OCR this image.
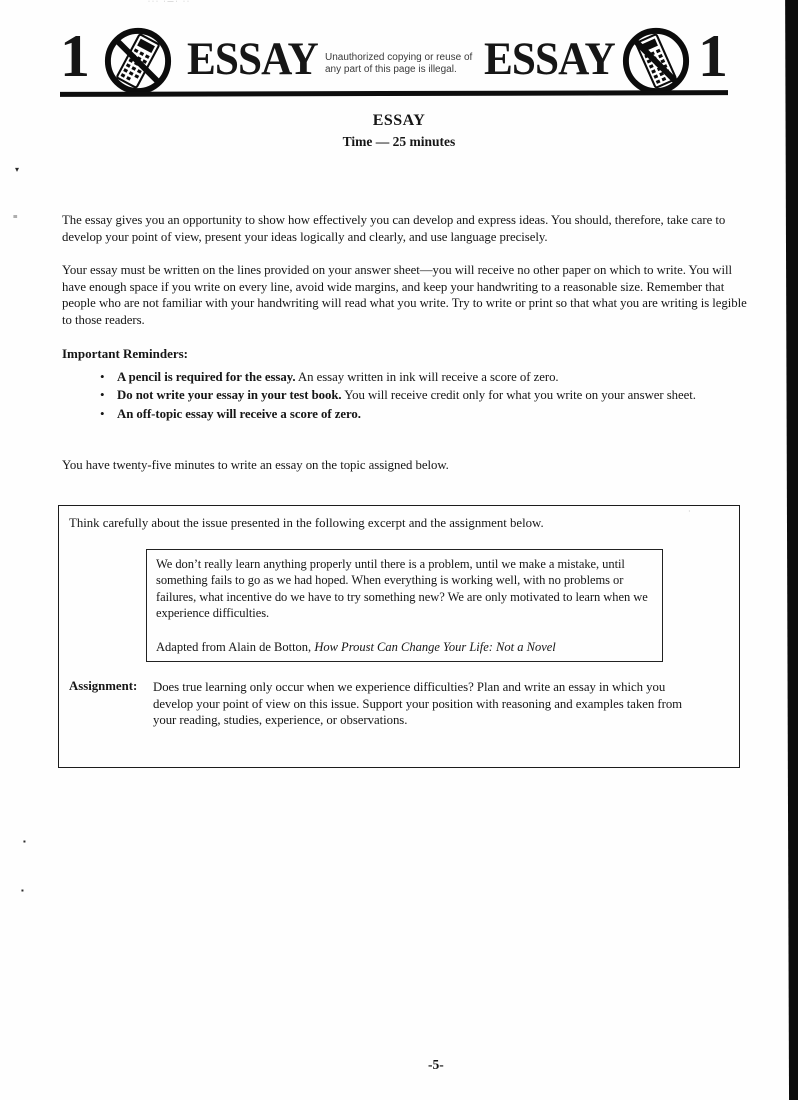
··· ·—· ··
▾
≡
▪
▪
·
1 ESSAY Unauthorized copying or reuse of any part of this page is illegal. ESSAY 1
ESSAY
Time — 25 minutes
The essay gives you an opportunity to show how effectively you can develop and express ideas. You should, therefore, take care to develop your point of view, present your ideas logically and clearly, and use language precisely.
Your essay must be written on the lines provided on your answer sheet—you will receive no other paper on which to write. You will have enough space if you write on every line, avoid wide margins, and keep your handwriting to a reasonable size. Remember that people who are not familiar with your handwriting will read what you write. Try to write or print so that what you are writing is legible to those readers.
Important Reminders:
• A pencil is required for the essay. An essay written in ink will receive a score of zero.
• Do not write your essay in your test book. You will receive credit only for what you write on your answer sheet.
• An off-topic essay will receive a score of zero.
You have twenty-five minutes to write an essay on the topic assigned below.
Think carefully about the issue presented in the following excerpt and the assignment below.
We don’t really learn anything properly until there is a problem, until we make a mistake, until something fails to go as we had hoped. When everything is working well, with no problems or failures, what incentive do we have to try something new? We are only motivated to learn when we experience difficulties.
Adapted from Alain de Botton, How Proust Can Change Your Life: Not a Novel
Assignment: Does true learning only occur when we experience difficulties? Plan and write an essay in which you develop your point of view on this issue. Support your position with reasoning and examples taken from your reading, studies, experience, or observations.
-5-
